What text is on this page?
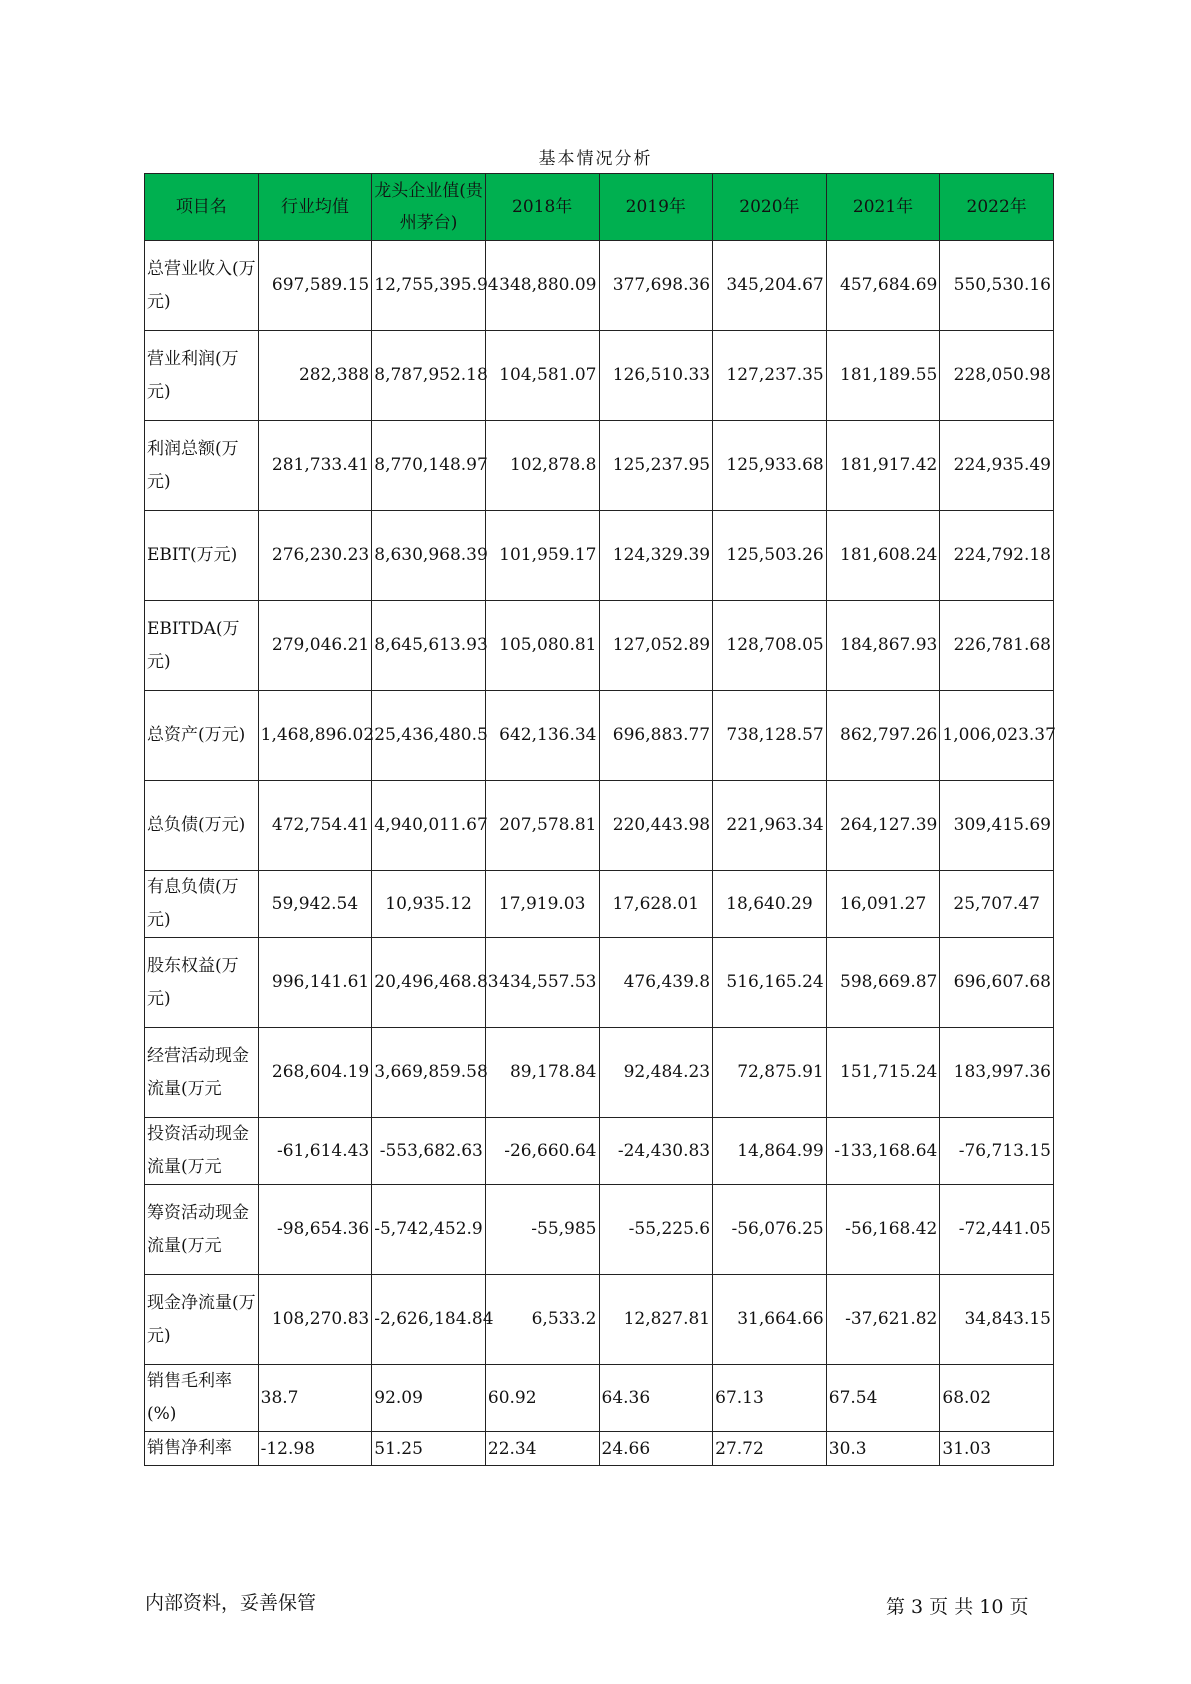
基本情况分析
项目名	行业均值	龙头企业值(贵州茅台)	2018年	2019年	2020年	2021年	2022年
总营业收入(万元)	697,589.15	12,755,395.94	348,880.09	377,698.36	345,204.67	457,684.69	550,530.16
营业利润(万元)	282,388	8,787,952.18	104,581.07	126,510.33	127,237.35	181,189.55	228,050.98
利润总额(万元)	281,733.41	8,770,148.97	102,878.8	125,237.95	125,933.68	181,917.42	224,935.49
EBIT(万元)	276,230.23	8,630,968.39	101,959.17	124,329.39	125,503.26	181,608.24	224,792.18
EBITDA(万元)	279,046.21	8,645,613.93	105,080.81	127,052.89	128,708.05	184,867.93	226,781.68
总资产(万元)	1,468,896.02	25,436,480.5	642,136.34	696,883.77	738,128.57	862,797.26	1,006,023.37
总负债(万元)	472,754.41	4,940,011.67	207,578.81	220,443.98	221,963.34	264,127.39	309,415.69
有息负债(万元)	59,942.54	10,935.12	17,919.03	17,628.01	18,640.29	16,091.27	25,707.47
股东权益(万元)	996,141.61	20,496,468.83	434,557.53	476,439.8	516,165.24	598,669.87	696,607.68
经营活动现金流量(万元	268,604.19	3,669,859.58	89,178.84	92,484.23	72,875.91	151,715.24	183,997.36
投资活动现金流量(万元	-61,614.43	-553,682.63	-26,660.64	-24,430.83	14,864.99	-133,168.64	-76,713.15
筹资活动现金流量(万元	-98,654.36	-5,742,452.9	-55,985	-55,225.6	-56,076.25	-56,168.42	-72,441.05
现金净流量(万元)	108,270.83	-2,626,184.84	6,533.2	12,827.81	31,664.66	-37,621.82	34,843.15
销售毛利率(%)	38.7	92.09	60.92	64.36	67.13	67.54	68.02
销售净利率	-12.98	51.25	22.34	24.66	27.72	30.3	31.03
内部资料，妥善保管	第 3 页 共 10 页
